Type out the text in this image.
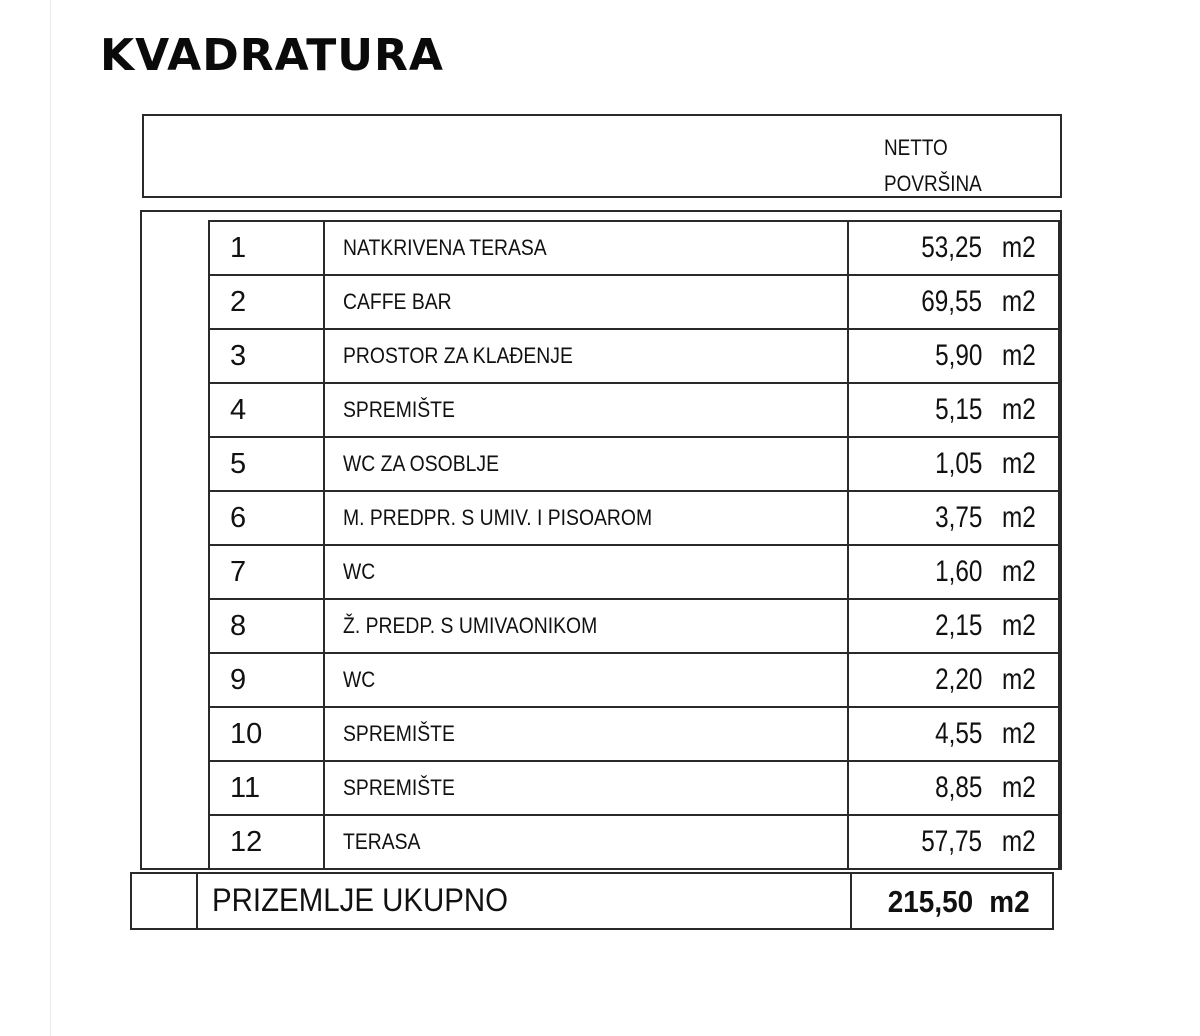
KVADRATURA
NETTO
POVRŠINA
1	NATKRIVENA TERASA	53,25 m2
2	CAFFE BAR	69,55 m2
3	PROSTOR ZA KLAĐENJE	5,90 m2
4	SPREMIŠTE	5,15 m2
5	WC ZA OSOBLJE	1,05 m2
6	M. PREDPR. S UMIV. I PISOAROM	3,75 m2
7	WC	1,60 m2
8	Ž. PREDP. S UMIVAONIKOM	2,15 m2
9	WC	2,20 m2
10	SPREMIŠTE	4,55 m2
11	SPREMIŠTE	8,85 m2
12	TERASA	57,75 m2
PRIZEMLJE UKUPNO	215,50 m2
